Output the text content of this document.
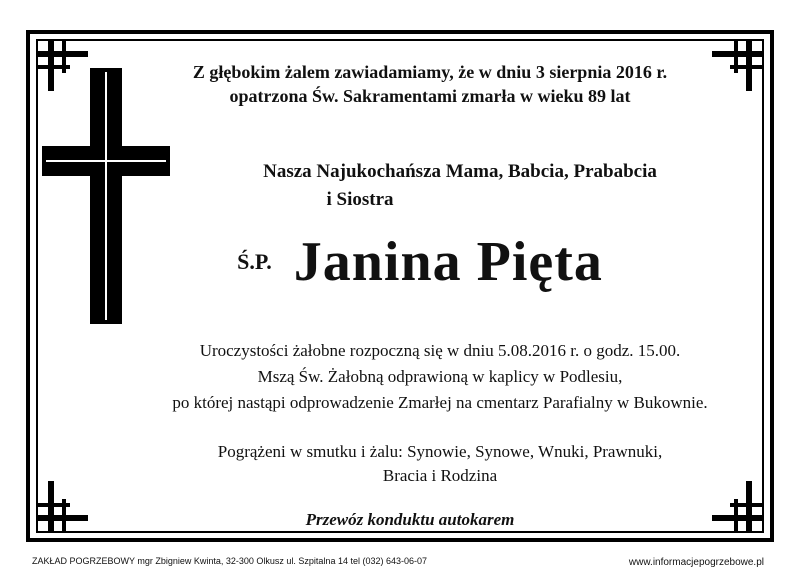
Z głębokim żalem zawiadamiamy, że w dniu 3 sierpnia 2016 r.

opatrzona Św. Sakramentami zmarła w wieku 89 lat

Nasza Najukochańsza Mama, Babcia, Prababcia

i Siostra

Ś.P. Janina Pięta

Uroczystości żałobne rozpoczną się w dniu 5.08.2016 r. o godz. 15.00.

Mszą Św. Żałobną odprawioną w kaplicy w Podlesiu,

po której nastąpi odprowadzenie Zmarłej na cmentarz Parafialny w Bukownie.

Pogrążeni w smutku i żalu: Synowie, Synowe, Wnuki, Prawnuki,

Bracia i Rodzina

Przewóz konduktu autokarem
ZAKŁAD POGRZEBOWY mgr Zbigniew Kwinta, 32-300 Olkusz ul. Szpitalna 14 tel (032) 643-06-07	www.informacjepogrzebowe.pl
